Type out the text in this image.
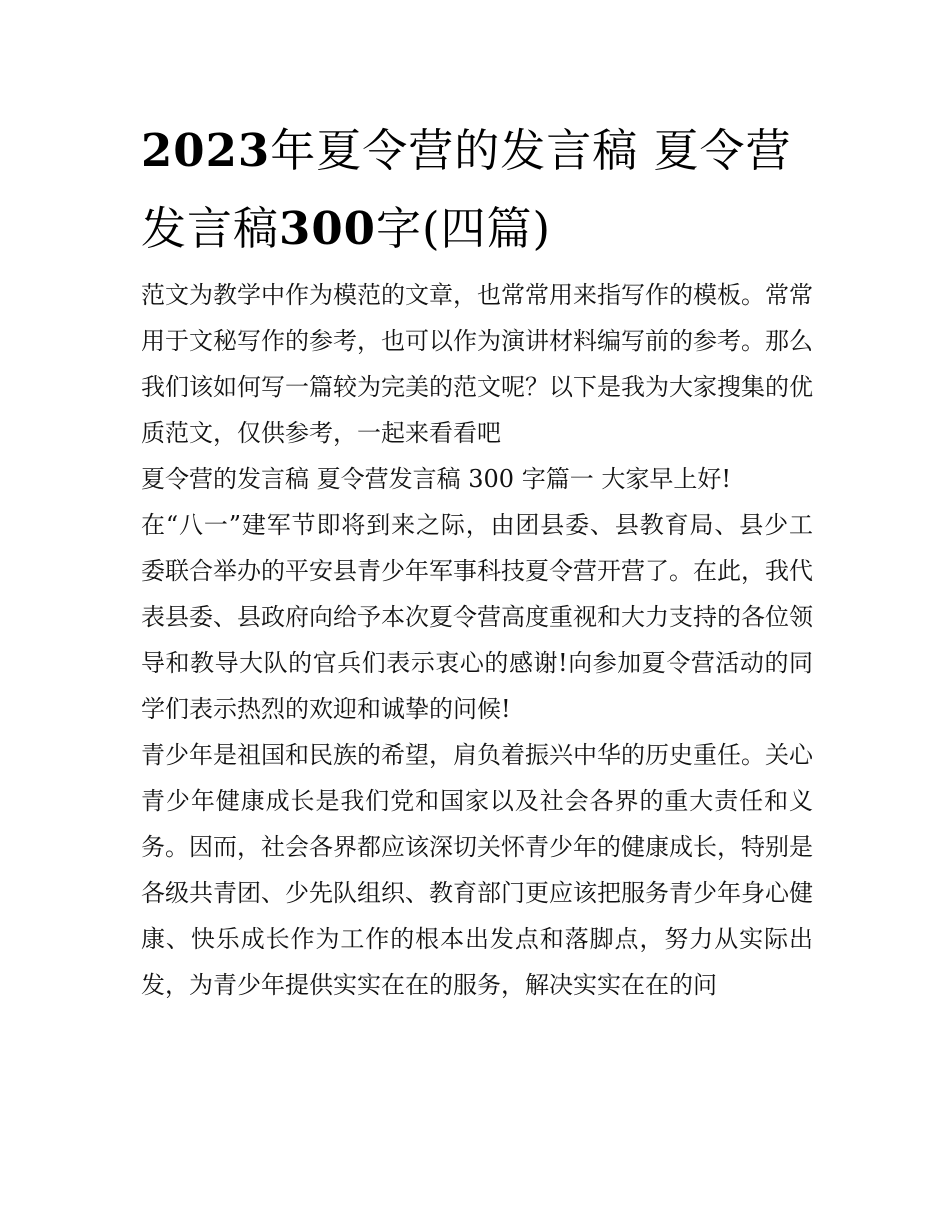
2023年夏令营的发言稿 夏令营发言稿300字(四篇)

范文为教学中作为模范的文章，也常常用来指写作的模板。常常用于文秘写作的参考，也可以作为演讲材料编写前的参考。那么我们该如何写一篇较为完美的范文呢？以下是我为大家搜集的优质范文，仅供参考，一起来看看吧

夏令营的发言稿 夏令营发言稿 300 字篇一 大家早上好!

在“八一”建军节即将到来之际，由团县委、县教育局、县少工委联合举办的平安县青少年军事科技夏令营开营了。在此，我代表县委、县政府向给予本次夏令营高度重视和大力支持的各位领导和教导大队的官兵们表示衷心的感谢!向参加夏令营活动的同学们表示热烈的欢迎和诚挚的问候!

青少年是祖国和民族的希望，肩负着振兴中华的历史重任。关心青少年健康成长是我们党和国家以及社会各界的重大责任和义务。因而，社会各界都应该深切关怀青少年的健康成长，特别是各级共青团、少先队组织、教育部门更应该把服务青少年身心健康、快乐成长作为工作的根本出发点和落脚点，努力从实际出发，为青少年提供实实在在的服务，解决实实在在的问
